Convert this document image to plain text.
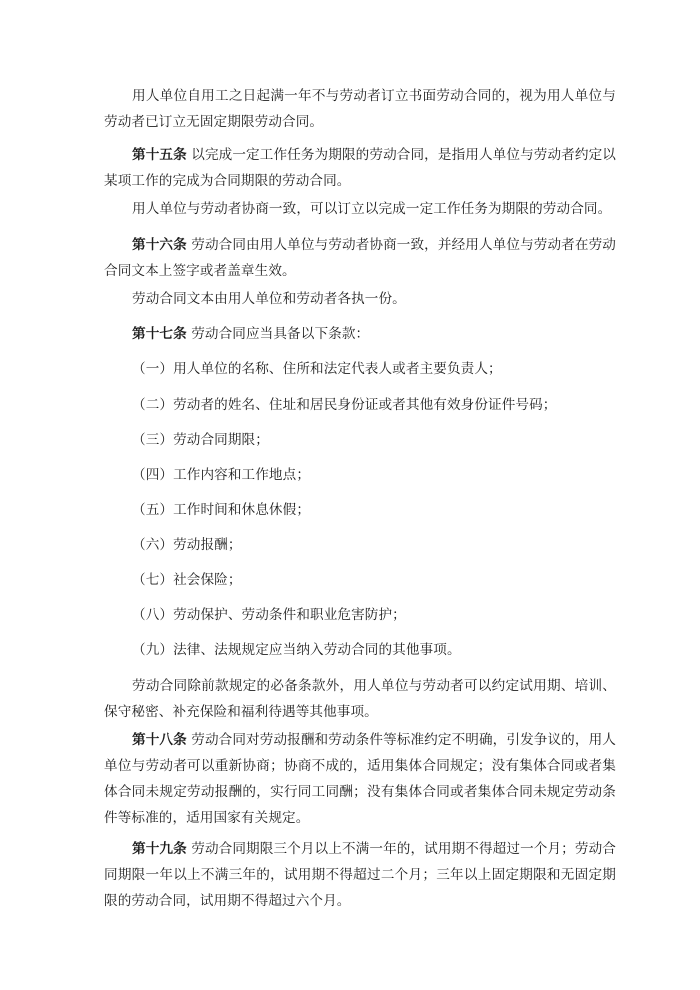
用人单位自用工之日起满一年不与劳动者订立书面劳动合同的，视为用人单位与劳动者已订立无固定期限劳动合同。

第十五条 以完成一定工作任务为期限的劳动合同，是指用人单位与劳动者约定以某项工作的完成为合同期限的劳动合同。

用人单位与劳动者协商一致，可以订立以完成一定工作任务为期限的劳动合同。

第十六条 劳动合同由用人单位与劳动者协商一致，并经用人单位与劳动者在劳动合同文本上签字或者盖章生效。

劳动合同文本由用人单位和劳动者各执一份。

第十七条 劳动合同应当具备以下条款：

（一）用人单位的名称、住所和法定代表人或者主要负责人；

（二）劳动者的姓名、住址和居民身份证或者其他有效身份证件号码；

（三）劳动合同期限；

（四）工作内容和工作地点；

（五）工作时间和休息休假；

（六）劳动报酬；

（七）社会保险；

（八）劳动保护、劳动条件和职业危害防护；

（九）法律、法规规定应当纳入劳动合同的其他事项。

劳动合同除前款规定的必备条款外，用人单位与劳动者可以约定试用期、培训、保守秘密、补充保险和福利待遇等其他事项。

第十八条 劳动合同对劳动报酬和劳动条件等标准约定不明确，引发争议的，用人单位与劳动者可以重新协商；协商不成的，适用集体合同规定；没有集体合同或者集体合同未规定劳动报酬的，实行同工同酬；没有集体合同或者集体合同未规定劳动条件等标准的，适用国家有关规定。

第十九条 劳动合同期限三个月以上不满一年的，试用期不得超过一个月；劳动合同期限一年以上不满三年的，试用期不得超过二个月；三年以上固定期限和无固定期限的劳动合同，试用期不得超过六个月。
